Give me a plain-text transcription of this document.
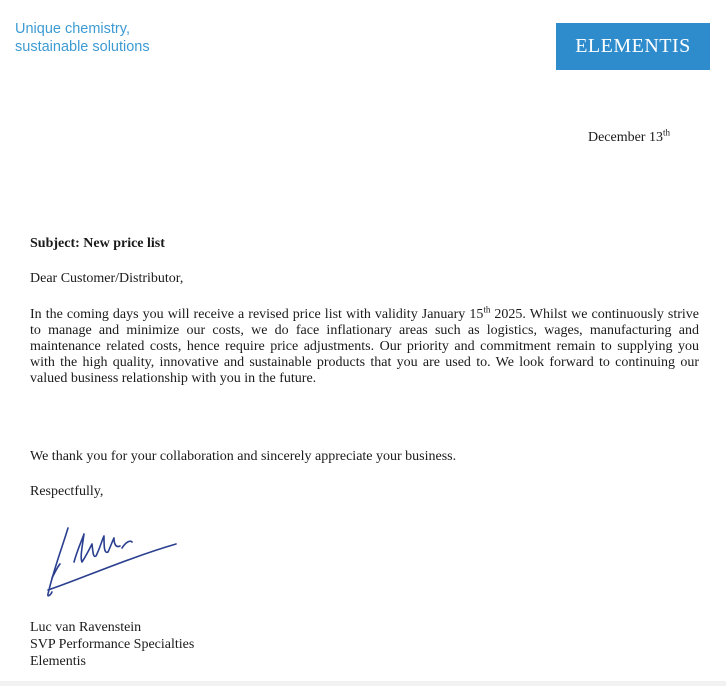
Unique chemistry,
sustainable solutions	ELEMENTIS
December 13th
Subject: New price list
Dear Customer/Distributor,
In the coming days you will receive a revised price list with validity January 15th 2025. Whilst we continuously strive to manage and minimize our costs, we do face inflationary areas such as logistics, wages, manufacturing and maintenance related costs, hence require price adjustments. Our priority and commitment remain to supplying you with the high quality, innovative and sustainable products that you are used to. We look forward to continuing our valued business relationship with you in the future.
We thank you for your collaboration and sincerely appreciate your business.
Respectfully,
Luc van Ravenstein
SVP Performance Specialties
Elementis
